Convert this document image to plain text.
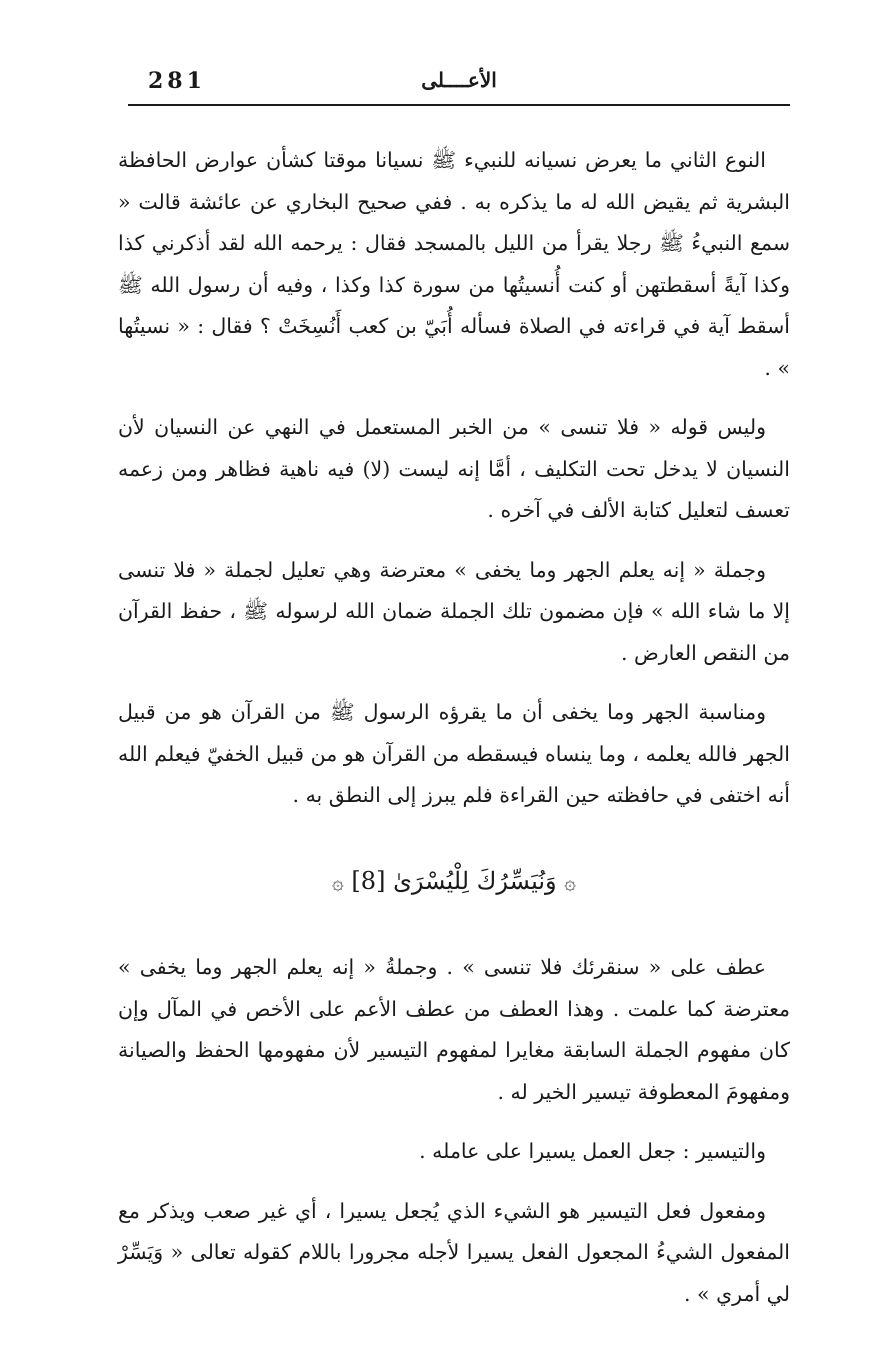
281	الأعــــلى

النوع الثاني ما يعرض نسيانه للنبيء ﷺ نسيانا موقتا كشأن عوارض الحافظة البشرية ثم يقيض الله له ما يذكره به . ففي صحيح البخاري عن عائشة قالت « سمع النبيءُ ﷺ رجلا يقرأ من الليل بالمسجد فقال : يرحمه الله لقد أذكرني كذا وكذا آيةً أسقطتهن أو كنت أُنسيتُها من سورة كذا وكذا ، وفيه أن رسول الله ﷺ أسقط آية في قراءته في الصلاة فسأله أُبَيّ بن كعب أَنُسِخَتْ ؟ فقال : « نسيتُها » .

وليس قوله « فلا تنسى » من الخبر المستعمل في النهي عن النسيان لأن النسيان لا يدخل تحت التكليف ، أمَّا إنه ليست (لا) فيه ناهية فظاهر ومن زعمه تعسف لتعليل كتابة الألف في آخره .

وجملة « إنه يعلم الجهر وما يخفى » معترضة وهي تعليل لجملة « فلا تنسى إلا ما شاء الله » فإن مضمون تلك الجملة ضمان الله لرسوله ﷺ ، حفظ القرآن من النقص العارض .

ومناسبة الجهر وما يخفى أن ما يقرؤه الرسول ﷺ من القرآن هو من قبيل الجهر فالله يعلمه ، وما ينساه فيسقطه من القرآن هو من قبيل الخفيّ فيعلم الله أنه اختفى في حافظته حين القراءة فلم يبرز إلى النطق به .

۞ وَنُيَسِّرُكَ لِلْيُسْرَىٰ [8] ۞

عطف على « سنقرئك فلا تنسى » . وجملةُ « إنه يعلم الجهر وما يخفى » معترضة كما علمت . وهذا العطف من عطف الأعم على الأخص في المآل وإن كان مفهوم الجملة السابقة مغايرا لمفهوم التيسير لأن مفهومها الحفظ والصيانة ومفهومَ المعطوفة تيسير الخير له .

والتيسير : جعل العمل يسيرا على عامله .

ومفعول فعل التيسير هو الشيء الذي يُجعل يسيرا ، أي غير صعب ويذكر مع المفعول الشيءُ المجعول الفعل يسيرا لأجله مجرورا باللام كقوله تعالى « وَيَسِّرْ لي أمري » .
